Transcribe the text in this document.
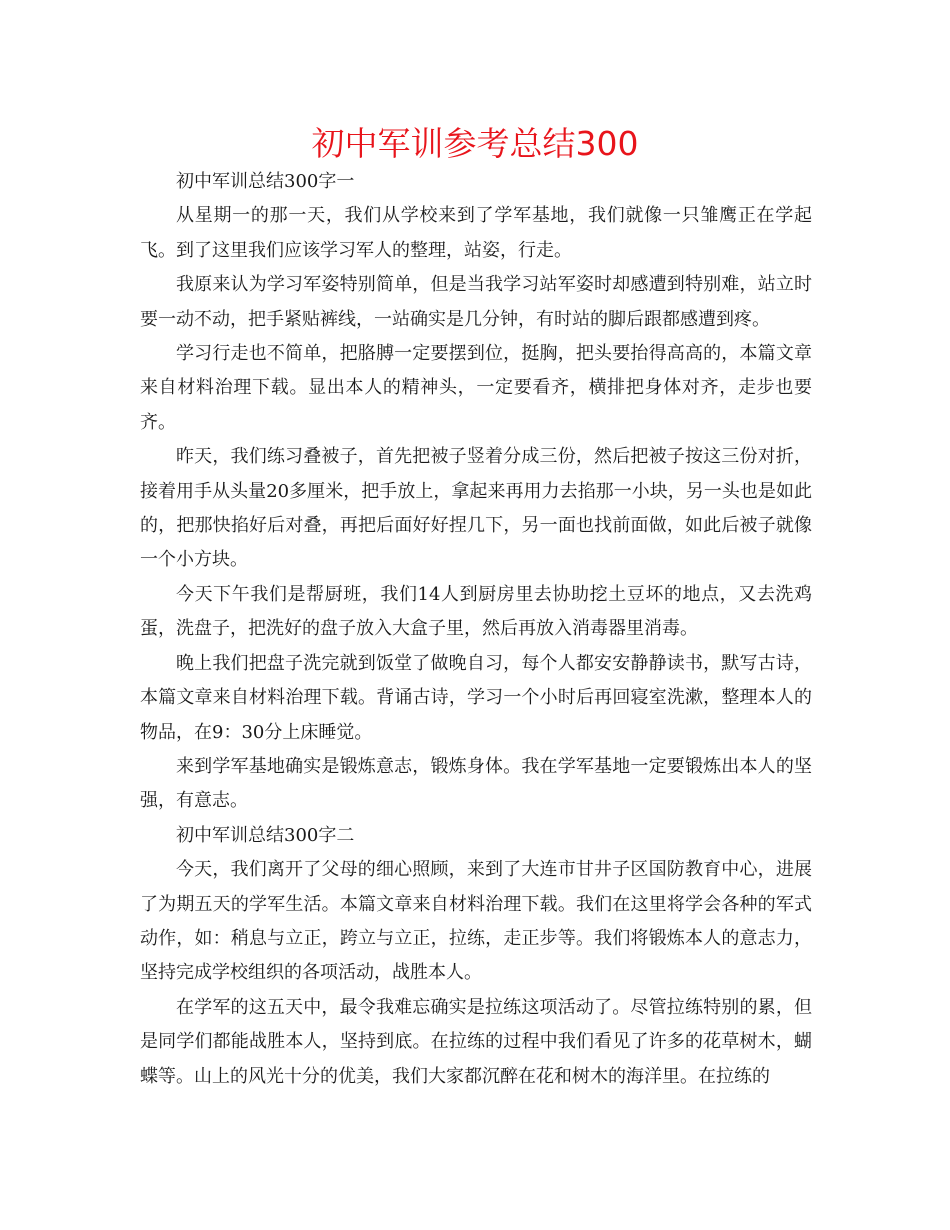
初中军训参考总结300

初中军训总结300字一

从星期一的那一天，我们从学校来到了学军基地，我们就像一只雏鹰正在学起飞。到了这里我们应该学习军人的整理，站姿，行走。

我原来认为学习军姿特别简单，但是当我学习站军姿时却感遭到特别难，站立时要一动不动，把手紧贴裤线，一站确实是几分钟，有时站的脚后跟都感遭到疼。

学习行走也不简单，把胳膊一定要摆到位，挺胸，把头要抬得高高的，本篇文章来自材料治理下载。显出本人的精神头，一定要看齐，横排把身体对齐，走步也要齐。

昨天，我们练习叠被子，首先把被子竖着分成三份，然后把被子按这三份对折，接着用手从头量20多厘米，把手放上，拿起来再用力去掐那一小块，另一头也是如此的，把那快掐好后对叠，再把后面好好捏几下，另一面也找前面做，如此后被子就像一个小方块。

今天下午我们是帮厨班，我们14人到厨房里去协助挖土豆坏的地点，又去洗鸡蛋，洗盘子，把洗好的盘子放入大盒子里，然后再放入消毒器里消毒。

晚上我们把盘子洗完就到饭堂了做晚自习，每个人都安安静静读书，默写古诗，本篇文章来自材料治理下载。背诵古诗，学习一个小时后再回寝室洗漱，整理本人的物品，在9：30分上床睡觉。

来到学军基地确实是锻炼意志，锻炼身体。我在学军基地一定要锻炼出本人的坚强，有意志。

初中军训总结300字二

今天，我们离开了父母的细心照顾，来到了大连市甘井子区国防教育中心，进展了为期五天的学军生活。本篇文章来自材料治理下载。我们在这里将学会各种的军式动作，如：稍息与立正，跨立与立正，拉练，走正步等。我们将锻炼本人的意志力，坚持完成学校组织的各项活动，战胜本人。

在学军的这五天中，最令我难忘确实是拉练这项活动了。尽管拉练特别的累，但是同学们都能战胜本人，坚持到底。在拉练的过程中我们看见了许多的花草树木，蝴蝶等。山上的风光十分的优美，我们大家都沉醉在花和树木的海洋里。在拉练的
